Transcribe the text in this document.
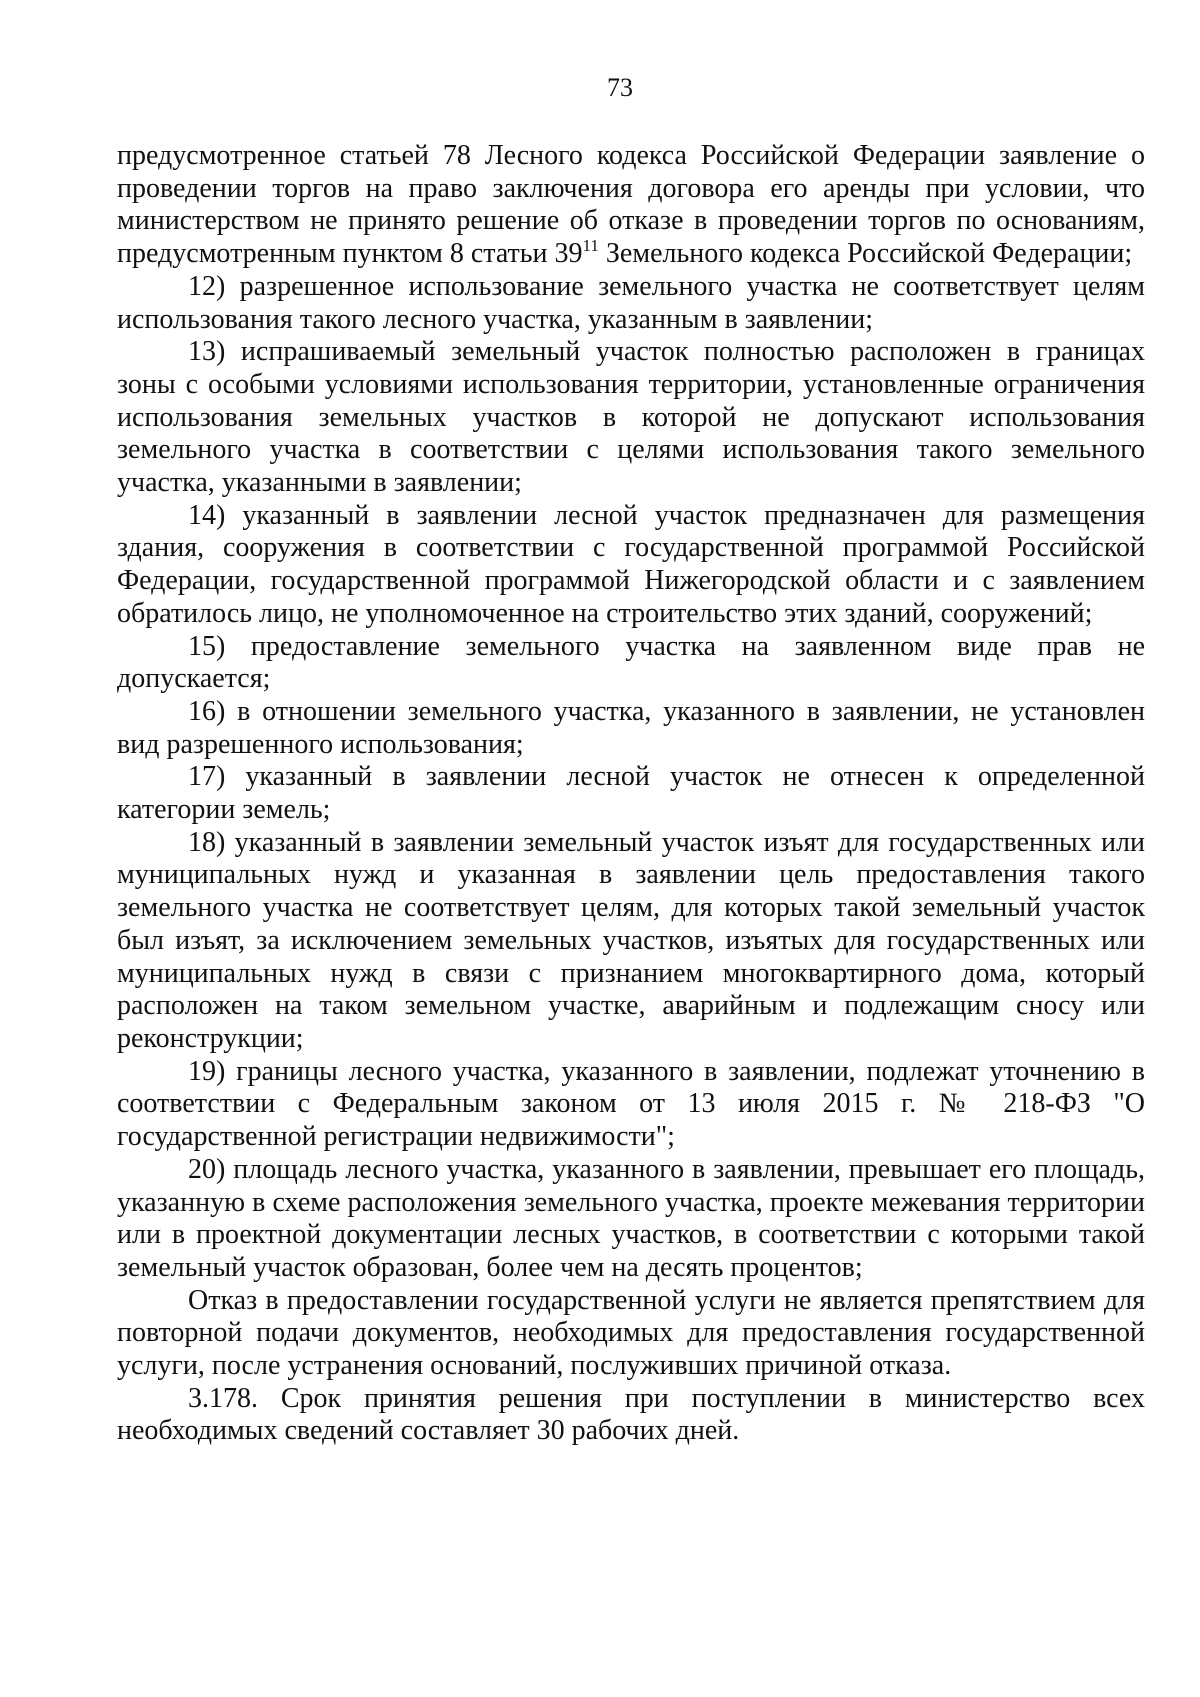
73

предусмотренное статьей 78 Лесного кодекса Российской Федерации заявление о проведении торгов на право заключения договора его аренды при условии, что министерством не принято решение об отказе в проведении торгов по основаниям, предусмотренным пунктом 8 статьи $39^{11}$ Земельного кодекса Российской Федерации;

12) разрешенное использование земельного участка не соответствует целям использования такого лесного участка, указанным в заявлении;

13) испрашиваемый земельный участок полностью расположен в границах зоны с особыми условиями использования территории, установленные ограничения использования земельных участков в которой не допускают использования земельного участка в соответствии с целями использования такого земельного участка, указанными в заявлении;

14) указанный в заявлении лесной участок предназначен для размещения здания, сооружения в соответствии с государственной программой Российской Федерации, государственной программой Нижегородской области и с заявлением обратилось лицо, не уполномоченное на строительство этих зданий, сооружений;

15) предоставление земельного участка на заявленном виде прав не допускается;

16) в отношении земельного участка, указанного в заявлении, не установлен вид разрешенного использования;

17) указанный в заявлении лесной участок не отнесен к определенной категории земель;

18) указанный в заявлении земельный участок изъят для государственных или муниципальных нужд и указанная в заявлении цель предоставления такого земельного участка не соответствует целям, для которых такой земельный участок был изъят, за исключением земельных участков, изъятых для государственных или муниципальных нужд в связи с признанием многоквартирного дома, который расположен на таком земельном участке, аварийным и подлежащим сносу или реконструкции;

19) границы лесного участка, указанного в заявлении, подлежат уточнению в соответствии с Федеральным законом от 13 июля 2015 г. № 218-ФЗ "О государственной регистрации недвижимости";

20) площадь лесного участка, указанного в заявлении, превышает его площадь, указанную в схеме расположения земельного участка, проекте межевания территории или в проектной документации лесных участков, в соответствии с которыми такой земельный участок образован, более чем на десять процентов;

Отказ в предоставлении государственной услуги не является препятствием для повторной подачи документов, необходимых для предоставления государственной услуги, после устранения оснований, послуживших причиной отказа.

3.178. Срок принятия решения при поступлении в министерство всех необходимых сведений составляет 30 рабочих дней.
